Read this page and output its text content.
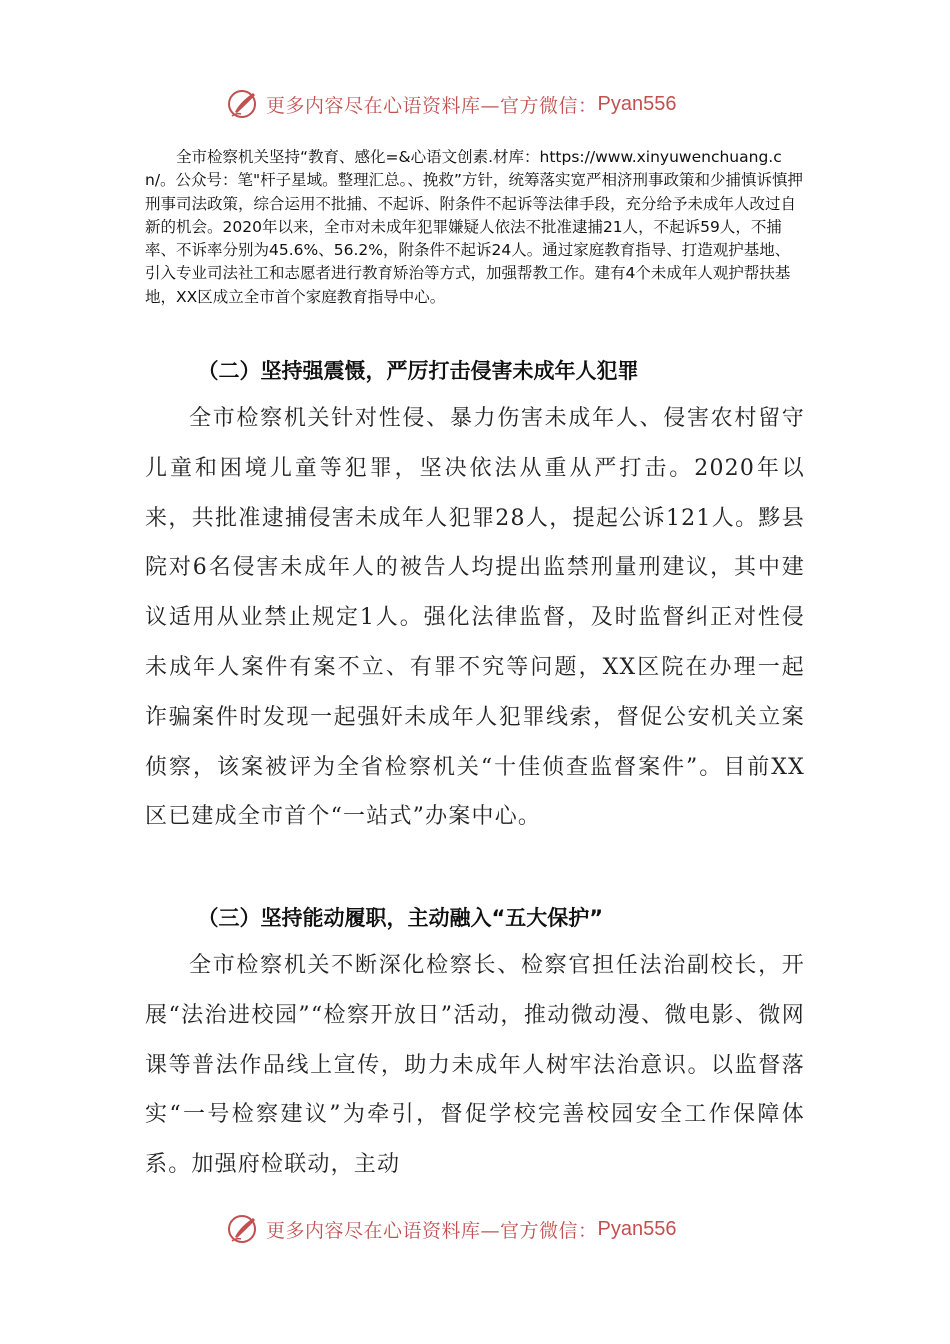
更多内容尽在心语资料库—官方微信： Pyan556

全市检察机关坚持“教育、感化=&心语文创素.材库：https://www.xinyuwenchuang.cn/。公众号：笔"杆子星域。整理汇总。、挽救”方针，统筹落实宽严相济刑事政策和少捕慎诉慎押刑事司法政策，综合运用不批捕、不起诉、附条件不起诉等法律手段，充分给予未成年人改过自新的机会。2020年以来，全市对未成年犯罪嫌疑人依法不批准逮捕21人，不起诉59人，不捕率、不诉率分别为45.6%、56.2%，附条件不起诉24人。通过家庭教育指导、打造观护基地、引入专业司法社工和志愿者进行教育矫治等方式，加强帮教工作。建有4个未成年人观护帮扶基地，XX区成立全市首个家庭教育指导中心。

（二）坚持强震慑，严厉打击侵害未成年人犯罪

全市检察机关针对性侵、暴力伤害未成年人、侵害农村留守儿童和困境儿童等犯罪，坚决依法从重从严打击。2020年以来，共批准逮捕侵害未成年人犯罪28人，提起公诉121人。黟县院对6名侵害未成年人的被告人均提出监禁刑量刑建议，其中建议适用从业禁止规定1人。强化法律监督，及时监督纠正对性侵未成年人案件有案不立、有罪不究等问题，XX区院在办理一起诈骗案件时发现一起强奸未成年人犯罪线索，督促公安机关立案侦察，该案被评为全省检察机关“十佳侦查监督案件”。目前XX区已建成全市首个“一站式”办案中心。

（三）坚持能动履职，主动融入“五大保护”

全市检察机关不断深化检察长、检察官担任法治副校长，开展“法治进校园”“检察开放日”活动，推动微动漫、微电影、微网课等普法作品线上宣传，助力未成年人树牢法治意识。以监督落实“一号检察建议”为牵引，督促学校完善校园安全工作保障体系。加强府检联动，主动

更多内容尽在心语资料库—官方微信： Pyan556
